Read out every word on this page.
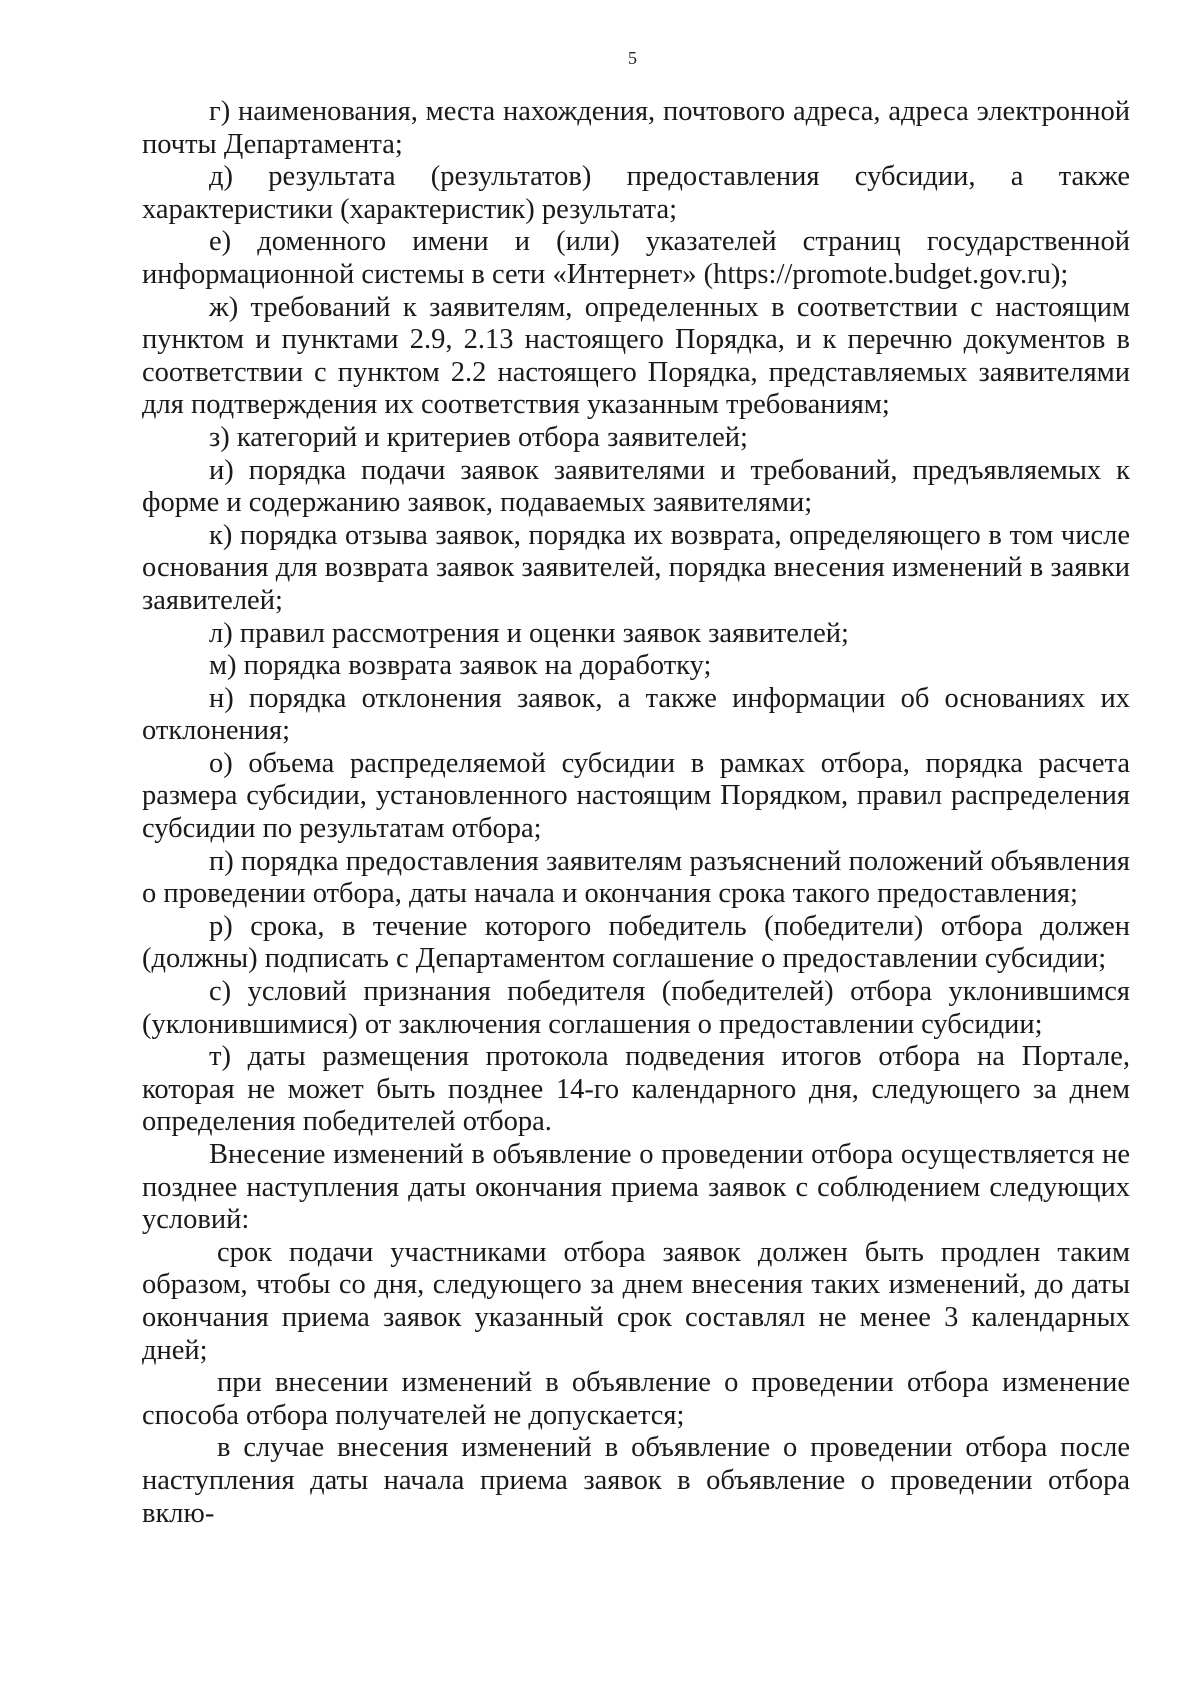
5

г) наименования, места нахождения, почтового адреса, адреса электронной почты Департамента;

д) результата (результатов) предоставления субсидии, а также характеристики (характеристик) результата;

е) доменного имени и (или) указателей страниц государственной информационной системы в сети «Интернет» (https://promote.budget.gov.ru);

ж) требований к заявителям, определенных в соответствии с настоящим пунктом и пунктами 2.9, 2.13 настоящего Порядка, и к перечню документов в соответствии с пунктом 2.2 настоящего Порядка, представляемых заявителями для подтверждения их соответствия указанным требованиям;

з) категорий и критериев отбора заявителей;

и) порядка подачи заявок заявителями и требований, предъявляемых к форме и содержанию заявок, подаваемых заявителями;

к) порядка отзыва заявок, порядка их возврата, определяющего в том числе основания для возврата заявок заявителей, порядка внесения изменений в заявки заявителей;

л) правил рассмотрения и оценки заявок заявителей;

м) порядка возврата заявок на доработку;

н) порядка отклонения заявок, а также информации об основаниях их отклонения;

о) объема распределяемой субсидии в рамках отбора, порядка расчета размера субсидии, установленного настоящим Порядком, правил распределения субсидии по результатам отбора;

п) порядка предоставления заявителям разъяснений положений объявления о проведении отбора, даты начала и окончания срока такого предоставления;

р) срока, в течение которого победитель (победители) отбора должен (должны) подписать с Департаментом соглашение о предоставлении субсидии;

с) условий признания победителя (победителей) отбора уклонившимся (уклонившимися) от заключения соглашения о предоставлении субсидии;

т) даты размещения протокола подведения итогов отбора на Портале, которая не может быть позднее 14-го календарного дня, следующего за днем определения победителей отбора.

Внесение изменений в объявление о проведении отбора осуществляется не позднее наступления даты окончания приема заявок с соблюдением следующих условий:

срок подачи участниками отбора заявок должен быть продлен таким образом, чтобы со дня, следующего за днем внесения таких изменений, до даты окончания приема заявок указанный срок составлял не менее 3 календарных дней;

при внесении изменений в объявление о проведении отбора изменение способа отбора получателей не допускается;

в случае внесения изменений в объявление о проведении отбора после наступления даты начала приема заявок в объявление о проведении отбора вклю-
